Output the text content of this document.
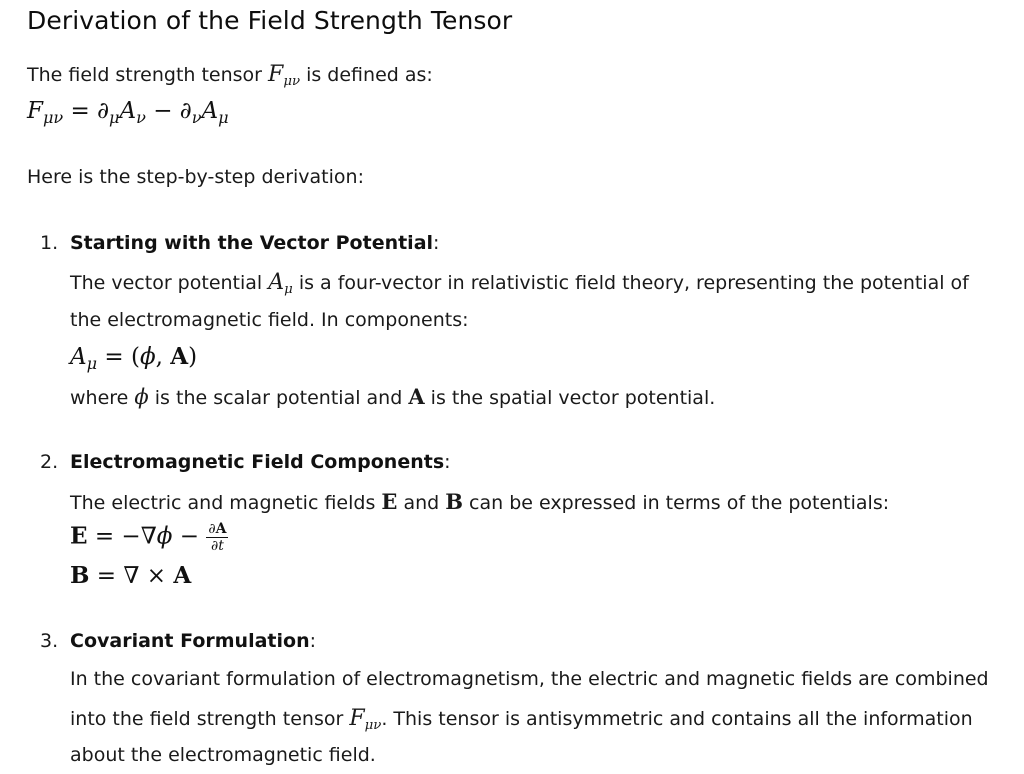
Derivation of the Field Strength Tensor
The field strength tensor $F_{\mu\nu}$ is defined as:
$F_{\mu\nu} = \partial_\mu A_\nu - \partial_\nu A_\mu$
Here is the step-by-step derivation:
1. Starting with the Vector Potential:
The vector potential $A_\mu$ is a four-vector in relativistic field theory, representing the potential of
the electromagnetic field. In components:
$A_\mu = (\phi$, A)
where ϕ is the scalar potential and A is the spatial vector potential.
2. Electromagnetic Field Components:
The electric and magnetic fields E and B can be expressed in terms of the potentials:
$E = -\nabla\phi - \frac{\partial A}{\partial t}$
B = ∇ × A
3. Covariant Formulation:
In the covariant formulation of electromagnetism, the electric and magnetic fields are combined
into the field strength tensor $F_{\mu\nu}$. This tensor is antisymmetric and contains all the information
about the electromagnetic field.
